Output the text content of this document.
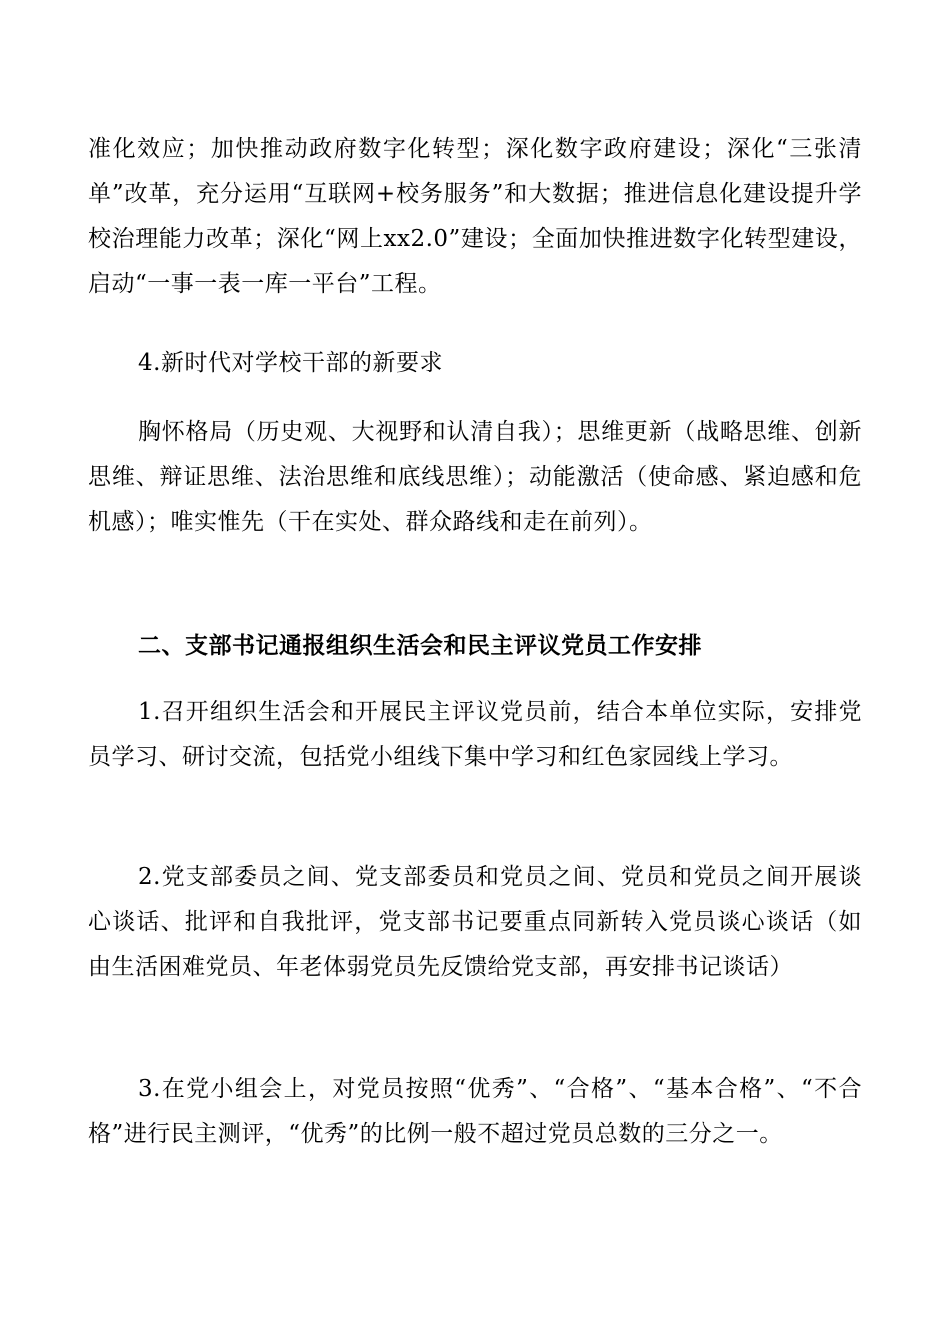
准化效应；加快推动政府数字化转型；深化数字政府建设；深化“三张清单”改革，充分运用“互联网+校务服务”和大数据；推进信息化建设提升学校治理能力改革；深化“网上xx2.0”建设；全面加快推进数字化转型建设，启动“一事一表一库一平台”工程。

4.新时代对学校干部的新要求

胸怀格局（历史观、大视野和认清自我）；思维更新（战略思维、创新思维、辩证思维、法治思维和底线思维）；动能激活（使命感、紧迫感和危机感）；唯实惟先（干在实处、群众路线和走在前列）。

二、支部书记通报组织生活会和民主评议党员工作安排

1.召开组织生活会和开展民主评议党员前，结合本单位实际，安排党员学习、研讨交流，包括党小组线下集中学习和红色家园线上学习。

2.党支部委员之间、党支部委员和党员之间、党员和党员之间开展谈心谈话、批评和自我批评，党支部书记要重点同新转入党员谈心谈话（如由生活困难党员、年老体弱党员先反馈给党支部，再安排书记谈话）

3.在党小组会上，对党员按照“优秀”、“合格”、“基本合格”、“不合格”进行民主测评，“优秀”的比例一般不超过党员总数的三分之一。
